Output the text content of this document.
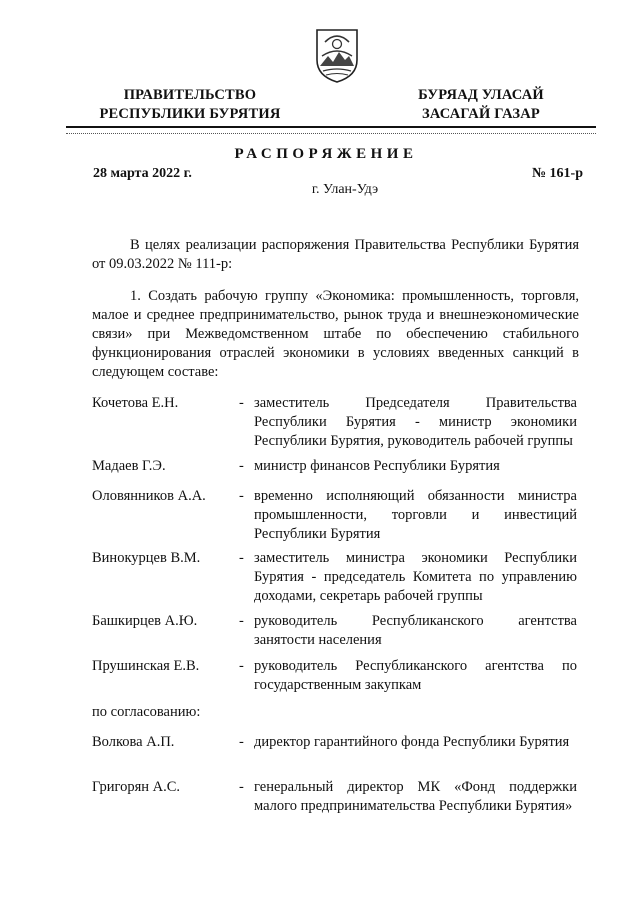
ПРАВИТЕЛЬСТВО
РЕСПУБЛИКИ БУРЯТИЯ
БУРЯАД УЛАСАЙ
ЗАСАГАЙ ГАЗАР
РАСПОРЯЖЕНИЕ
28 марта 2022 г.	№ 161-р
г. Улан-Удэ
В целях реализации распоряжения Правительства Республики Бурятия от 09.03.2022 № 111-р:
1. Создать рабочую группу «Экономика: промышленность, торговля, малое и среднее предпринимательство, рынок труда и внешнеэкономические связи» при Межведомственном штабе по обеспечению стабильного функционирования отраслей экономики в условиях введенных санкций в следующем составе:
Кочетова Е.Н.	- заместитель Председателя Правительства Республики Бурятия - министр экономики Республики Бурятия, руководитель рабочей группы
Мадаев Г.Э.	- министр финансов Республики Бурятия
Оловянников А.А.	- временно исполняющий обязанности министра промышленности, торговли и инвестиций Республики Бурятия
Винокурцев В.М.	- заместитель министра экономики Республики Бурятия - председатель Комитета по управлению доходами, секретарь рабочей группы
Башкирцев А.Ю.	- руководитель Республиканского агентства занятости населения
Прушинская Е.В.	- руководитель Республиканского агентства по государственным закупкам
по согласованию:
Волкова А.П.	- директор гарантийного фонда Республики Бурятия
Григорян А.С.	- генеральный директор МК «Фонд поддержки малого предпринимательства Республики Бурятия»
